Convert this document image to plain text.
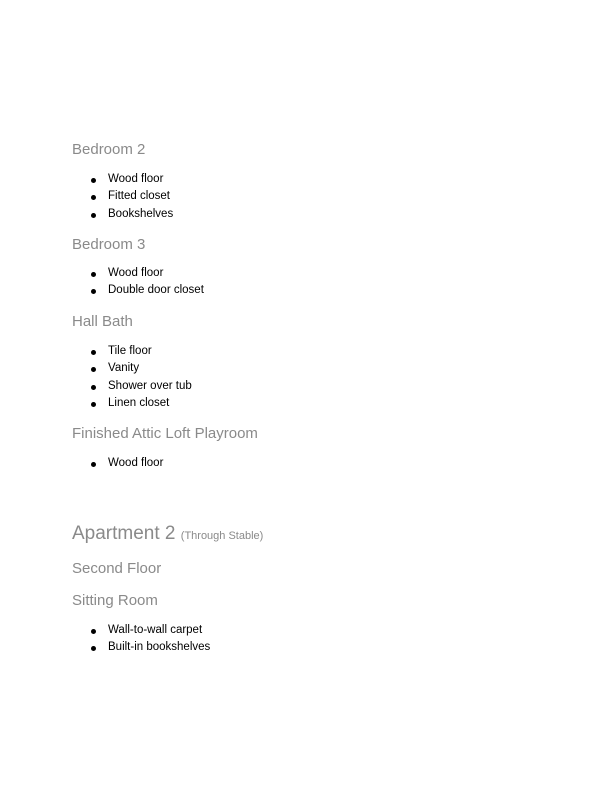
Bedroom 2
Wood floor
Fitted closet
Bookshelves
Bedroom 3
Wood floor
Double door closet
Hall Bath
Tile floor
Vanity
Shower over tub
Linen closet
Finished Attic Loft Playroom
Wood floor
Apartment 2 (Through Stable)
Second Floor
Sitting Room
Wall-to-wall carpet
Built-in bookshelves
